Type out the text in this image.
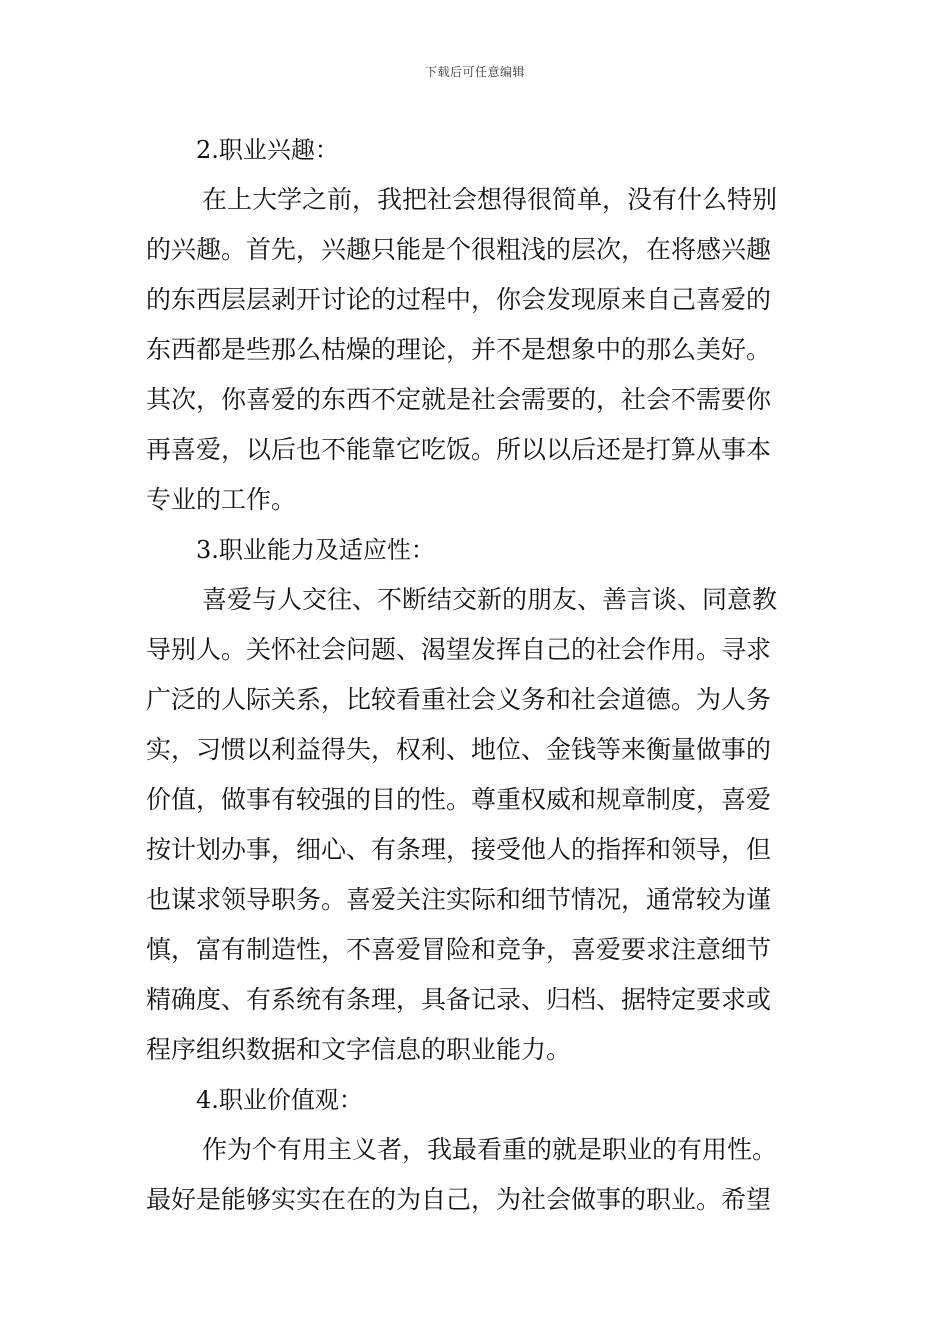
下载后可任意编辑
2.职业兴趣：
在上大学之前，我把社会想得很简单，没有什么特别
的兴趣。首先，兴趣只能是个很粗浅的层次，在将感兴趣
的东西层层剥开讨论的过程中，你会发现原来自己喜爱的
东西都是些那么枯燥的理论，并不是想象中的那么美好。
其次，你喜爱的东西不定就是社会需要的，社会不需要你
再喜爱，以后也不能靠它吃饭。所以以后还是打算从事本
专业的工作。
3.职业能力及适应性：
喜爱与人交往、不断结交新的朋友、善言谈、同意教
导别人。关怀社会问题、渴望发挥自己的社会作用。寻求
广泛的人际关系，比较看重社会义务和社会道德。为人务
实，习惯以利益得失，权利、地位、金钱等来衡量做事的
价值，做事有较强的目的性。尊重权威和规章制度，喜爱
按计划办事，细心、有条理，接受他人的指挥和领导，但
也谋求领导职务。喜爱关注实际和细节情况，通常较为谨
慎，富有制造性，不喜爱冒险和竞争，喜爱要求注意细节
精确度、有系统有条理，具备记录、归档、据特定要求或
程序组织数据和文字信息的职业能力。
4.职业价值观：
作为个有用主义者，我最看重的就是职业的有用性。
最好是能够实实在在的为自己，为社会做事的职业。希望
